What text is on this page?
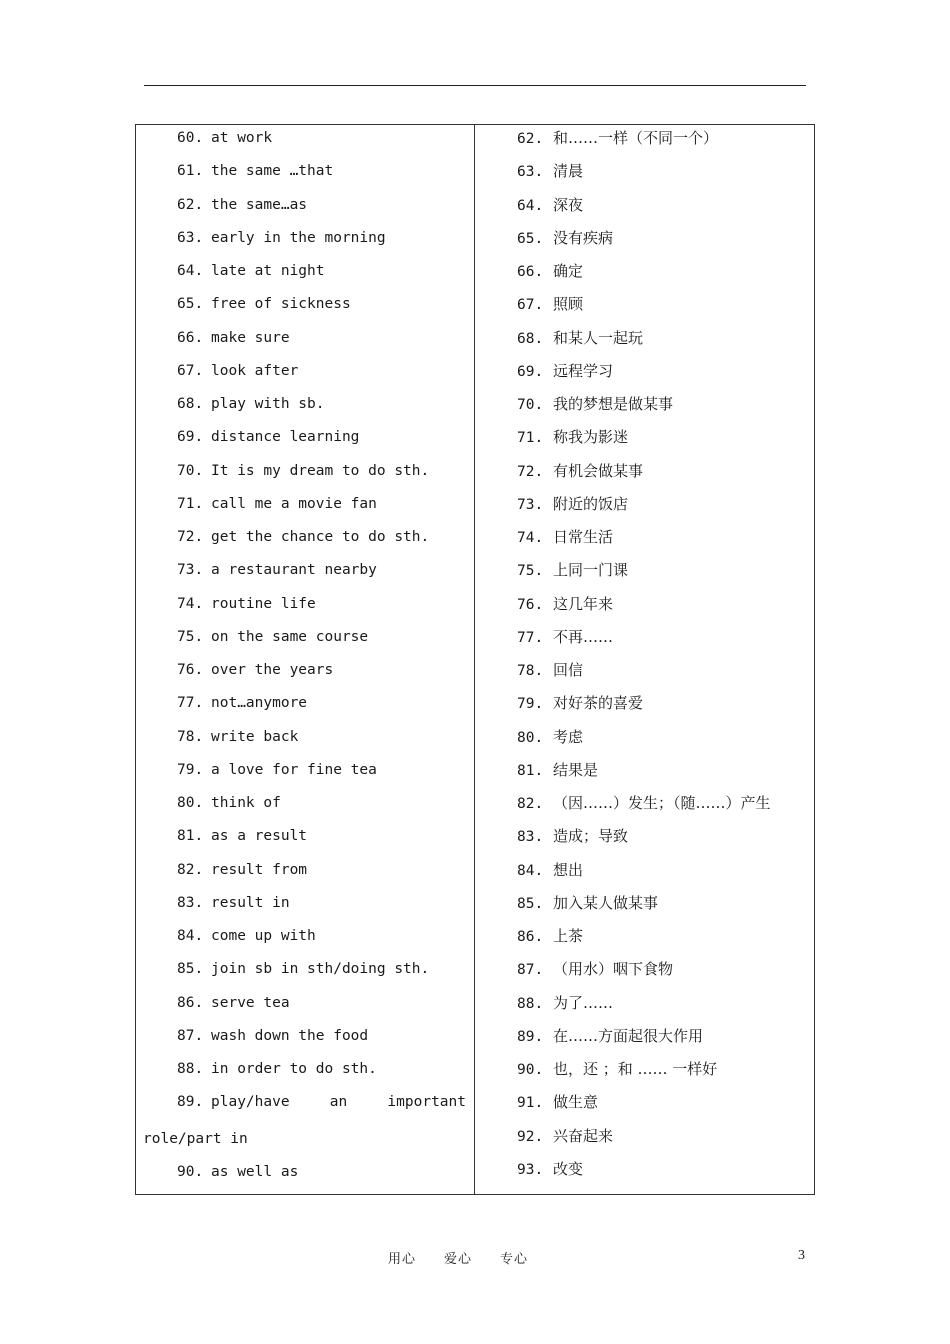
60. at work
61. the same …that
62. the same…as
63. early in the morning
64. late at night
65. free of sickness
66. make sure
67. look after
68. play with sb.
69. distance learning
70. It is my dream to do sth.
71. call me a movie fan
72. get the chance to do sth.
73. a restaurant nearby
74. routine life
75. on the same course
76. over the years
77. not…anymore
78. write back
79. a love for fine tea
80. think of
81. as a result
82. result from
83. result in
84. come up with
85. join sb in sth/doing sth.
86. serve tea
87. wash down the food
88. in order to do sth.
89. play/have	an	important
role/part in
90. as well as
62. 和……一样（不同一个）
63. 清晨
64. 深夜
65. 没有疾病
66. 确定
67. 照顾
68. 和某人一起玩
69. 远程学习
70. 我的梦想是做某事
71. 称我为影迷
72. 有机会做某事
73. 附近的饭店
74. 日常生活
75. 上同一门课
76. 这几年来
77. 不再……
78. 回信
79. 对好茶的喜爱
80. 考虑
81. 结果是
82. （因……）发生；（随……）产生
83. 造成；导致
84. 想出
85. 加入某人做某事
86. 上茶
87. （用水）咽下食物
88. 为了……
89. 在……方面起很大作用
90. 也，还 ；和 …… 一样好
91. 做生意
92. 兴奋起来
93. 改变
用心 爱心 专心	3
